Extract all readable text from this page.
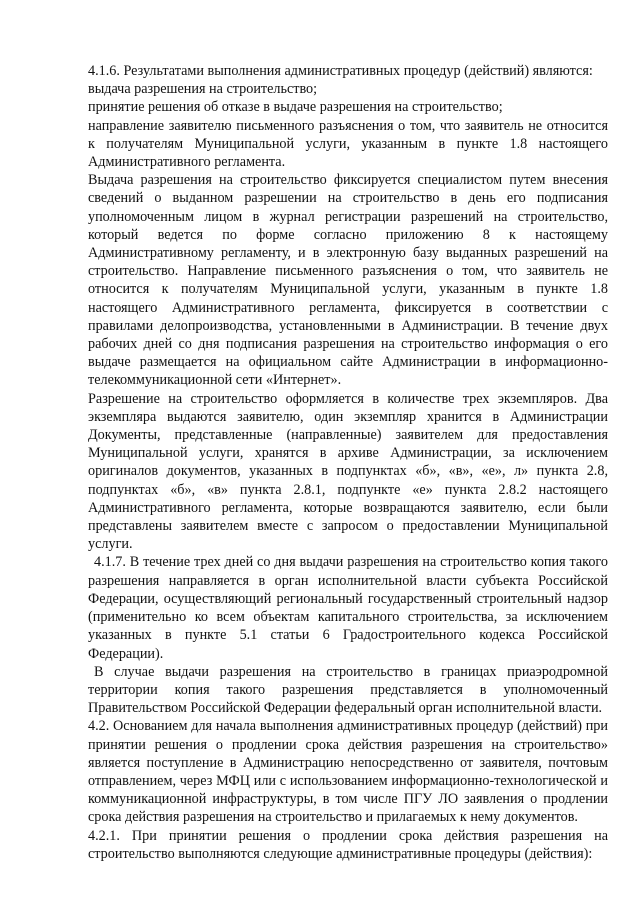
4.1.6. Результатами выполнения административных процедур (действий) являются:

выдача разрешения на строительство;

принятие решения об отказе в выдаче разрешения на строительство;

направление заявителю письменного разъяснения о том, что заявитель не относится к получателям Муниципальной услуги, указанным в пункте 1.8 настоящего Административного регламента.

Выдача разрешения на строительство фиксируется специалистом путем внесения сведений о выданном разрешении на строительство в день его подписания уполномоченным лицом в журнал регистрации разрешений на строительство, который ведется по форме согласно приложению 8 к настоящему Административному регламенту, и в электронную базу выданных разрешений на строительство. Направление письменного разъяснения о том, что заявитель не относится к получателям Муниципальной услуги, указанным в пункте 1.8 настоящего Административного регламента, фиксируется в соответствии с правилами делопроизводства, установленными в Администрации. В течение двух рабочих дней со дня подписания разрешения на строительство информация о его выдаче размещается на официальном сайте Администрации в информационно-телекоммуникационной сети «Интернет».

Разрешение на строительство оформляется в количестве трех экземпляров. Два экземпляра выдаются заявителю, один экземпляр хранится в Администрации Документы, представленные (направленные) заявителем для предоставления Муниципальной услуги, хранятся в архиве Администрации, за исключением оригиналов документов, указанных в подпунктах «б», «в», «е», л» пункта 2.8, подпунктах «б», «в» пункта 2.8.1, подпункте «е» пункта 2.8.2 настоящего Административного регламента, которые возвращаются заявителю, если были представлены заявителем вместе с запросом о предоставлении Муниципальной услуги.

4.1.7. В течение трех дней со дня выдачи разрешения на строительство копия такого разрешения направляется в орган исполнительной власти субъекта Российской Федерации, осуществляющий региональный государственный строительный надзор (применительно ко всем объектам капитального строительства, за исключением указанных в пункте 5.1 статьи 6 Градостроительного кодекса Российской Федерации).

В случае выдачи разрешения на строительство в границах приаэродромной территории копия такого разрешения представляется в уполномоченный Правительством Российской Федерации федеральный орган исполнительной власти.

4.2. Основанием для начала выполнения административных процедур (действий) при принятии решения о продлении срока действия разрешения на строительство» является поступление в Администрацию непосредственно от заявителя, почтовым отправлением, через МФЦ или с использованием информационно-технологической и коммуникационной инфраструктуры, в том числе ПГУ ЛО заявления о продлении срока действия разрешения на строительство и прилагаемых к нему документов.

4.2.1. При принятии решения о продлении срока действия разрешения на строительство выполняются следующие административные процедуры (действия):
